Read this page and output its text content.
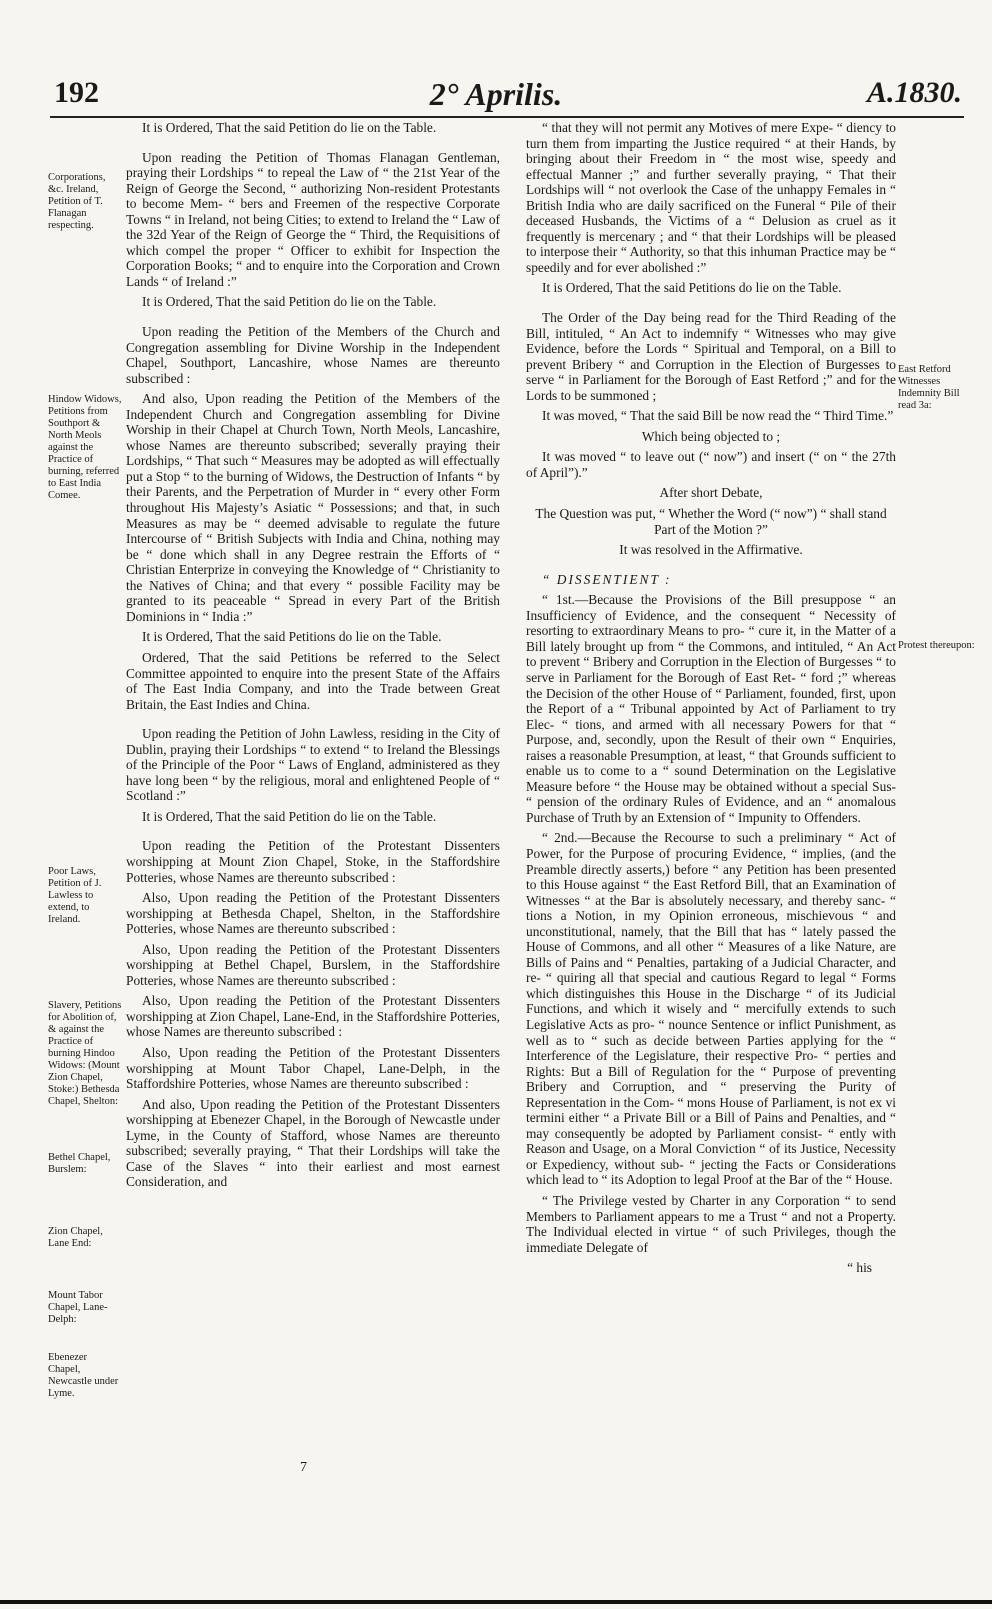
192	2° Aprilis.	A.1830.
Corporations, &c. Ireland, Petition of T. Flanagan respecting.
Hindow Widows, Petitions from Southport & North Meols against the Practice of burning, referred to East India Comee.
Poor Laws, Petition of J. Lawless to extend, to Ireland.
Slavery, Petitions for Abolition of, & against the Practice of burning Hindoo Widows: (Mount Zion Chapel, Stoke:) Bethesda Chapel, Shelton:
Bethel Chapel, Burslem:
Zion Chapel, Lane End:
Mount Tabor Chapel, Lane-Delph:
Ebenezer Chapel, Newcastle under Lyme.
East Retford Witnesses Indemnity Bill read 3a:
Protest thereupon:

It is Ordered, That the said Petition do lie on the Table.

Upon reading the Petition of Thomas Flanagan Gentleman, praying their Lordships “ to repeal the Law of “ the 21st Year of the Reign of George the Second, “ authorizing Non-resident Protestants to become Mem- “ bers and Freemen of the respective Corporate Towns “ in Ireland, not being Cities; to extend to Ireland the “ Law of the 32d Year of the Reign of George the “ Third, the Requisitions of which compel the proper “ Officer to exhibit for Inspection the Corporation Books; “ and to enquire into the Corporation and Crown Lands “ of Ireland :”

It is Ordered, That the said Petition do lie on the Table.

Upon reading the Petition of the Members of the Church and Congregation assembling for Divine Worship in the Independent Chapel, Southport, Lancashire, whose Names are thereunto subscribed :

And also, Upon reading the Petition of the Members of the Independent Church and Congregation assembling for Divine Worship in their Chapel at Church Town, North Meols, Lancashire, whose Names are thereunto subscribed; severally praying their Lordships, “ That such “ Measures may be adopted as will effectually put a Stop “ to the burning of Widows, the Destruction of Infants “ by their Parents, and the Perpetration of Murder in “ every other Form throughout His Majesty’s Asiatic “ Possessions; and that, in such Measures as may be “ deemed advisable to regulate the future Intercourse of “ British Subjects with India and China, nothing may be “ done which shall in any Degree restrain the Efforts of “ Christian Enterprize in conveying the Knowledge of “ Christianity to the Natives of China; and that every “ possible Facility may be granted to its peaceable “ Spread in every Part of the British Dominions in “ India :”

It is Ordered, That the said Petitions do lie on the Table.

Ordered, That the said Petitions be referred to the Select Committee appointed to enquire into the present State of the Affairs of The East India Company, and into the Trade between Great Britain, the East Indies and China.

Upon reading the Petition of John Lawless, residing in the City of Dublin, praying their Lordships “ to extend “ to Ireland the Blessings of the Principle of the Poor “ Laws of England, administered as they have long been “ by the religious, moral and enlightened People of “ Scotland :”

It is Ordered, That the said Petition do lie on the Table.

Upon reading the Petition of the Protestant Dissenters worshipping at Mount Zion Chapel, Stoke, in the Staffordshire Potteries, whose Names are thereunto subscribed :

Also, Upon reading the Petition of the Protestant Dissenters worshipping at Bethesda Chapel, Shelton, in the Staffordshire Potteries, whose Names are thereunto subscribed :

Also, Upon reading the Petition of the Protestant Dissenters worshipping at Bethel Chapel, Burslem, in the Staffordshire Potteries, whose Names are thereunto subscribed :

Also, Upon reading the Petition of the Protestant Dissenters worshipping at Zion Chapel, Lane-End, in the Staffordshire Potteries, whose Names are thereunto subscribed :

Also, Upon reading the Petition of the Protestant Dissenters worshipping at Mount Tabor Chapel, Lane-Delph, in the Staffordshire Potteries, whose Names are thereunto subscribed :

And also, Upon reading the Petition of the Protestant Dissenters worshipping at Ebenezer Chapel, in the Borough of Newcastle under Lyme, in the County of Stafford, whose Names are thereunto subscribed; severally praying, “ That their Lordships will take the Case of the Slaves “ into their earliest and most earnest Consideration, and

“ that they will not permit any Motives of mere Expe- “ diency to turn them from imparting the Justice required “ at their Hands, by bringing about their Freedom in “ the most wise, speedy and effectual Manner ;” and further severally praying, “ That their Lordships will “ not overlook the Case of the unhappy Females in “ British India who are daily sacrificed on the Funeral “ Pile of their deceased Husbands, the Victims of a “ Delusion as cruel as it frequently is mercenary ; and “ that their Lordships will be pleased to interpose their “ Authority, so that this inhuman Practice may be “ speedily and for ever abolished :”

It is Ordered, That the said Petitions do lie on the Table.

The Order of the Day being read for the Third Reading of the Bill, intituled, “ An Act to indemnify “ Witnesses who may give Evidence, before the Lords “ Spiritual and Temporal, on a Bill to prevent Bribery “ and Corruption in the Election of Burgesses to serve “ in Parliament for the Borough of East Retford ;” and for the Lords to be summoned ;

It was moved, “ That the said Bill be now read the “ Third Time.”

Which being objected to ;

It was moved “ to leave out (“ now”) and insert (“ on “ the 27th of April”).”

After short Debate,

The Question was put, “ Whether the Word (“ now”) “ shall stand Part of the Motion ?”

It was resolved in the Affirmative.

“ DISSENTIENT :

“ 1st.—Because the Provisions of the Bill presuppose “ an Insufficiency of Evidence, and the consequent “ Necessity of resorting to extraordinary Means to pro- “ cure it, in the Matter of a Bill lately brought up from “ the Commons, and intituled, “ An Act to prevent “ Bribery and Corruption in the Election of Burgesses “ to serve in Parliament for the Borough of East Ret- “ ford ;” whereas the Decision of the other House of “ Parliament, founded, first, upon the Report of a “ Tribunal appointed by Act of Parliament to try Elec- “ tions, and armed with all necessary Powers for that “ Purpose, and, secondly, upon the Result of their own “ Enquiries, raises a reasonable Presumption, at least, “ that Grounds sufficient to enable us to come to a “ sound Determination on the Legislative Measure before “ the House may be obtained without a special Sus- “ pension of the ordinary Rules of Evidence, and an “ anomalous Purchase of Truth by an Extension of “ Impunity to Offenders.

“ 2nd.—Because the Recourse to such a preliminary “ Act of Power, for the Purpose of procuring Evidence, “ implies, (and the Preamble directly asserts,) before “ any Petition has been presented to this House against “ the East Retford Bill, that an Examination of Witnesses “ at the Bar is absolutely necessary, and thereby sanc- “ tions a Notion, in my Opinion erroneous, mischievous “ and unconstitutional, namely, that the Bill that has “ lately passed the House of Commons, and all other “ Measures of a like Nature, are Bills of Pains and “ Penalties, partaking of a Judicial Character, and re- “ quiring all that special and cautious Regard to legal “ Forms which distinguishes this House in the Discharge “ of its Judicial Functions, and which it wisely and “ mercifully extends to such Legislative Acts as pro- “ nounce Sentence or inflict Punishment, as well as to “ such as decide between Parties applying for the “ Interference of the Legislature, their respective Pro- “ perties and Rights: But a Bill of Regulation for the “ Purpose of preventing Bribery and Corruption, and “ preserving the Purity of Representation in the Com- “ mons House of Parliament, is not ex vi termini either “ a Private Bill or a Bill of Pains and Penalties, and “ may consequently be adopted by Parliament consist- “ ently with Reason and Usage, on a Moral Conviction “ of its Justice, Necessity or Expediency, without sub- “ jecting the Facts or Considerations which lead to “ its Adoption to legal Proof at the Bar of the “ House.

“ The Privilege vested by Charter in any Corporation “ to send Members to Parliament appears to me a Trust “ and not a Property. The Individual elected in virtue “ of such Privileges, though the immediate Delegate of

“ his
7
